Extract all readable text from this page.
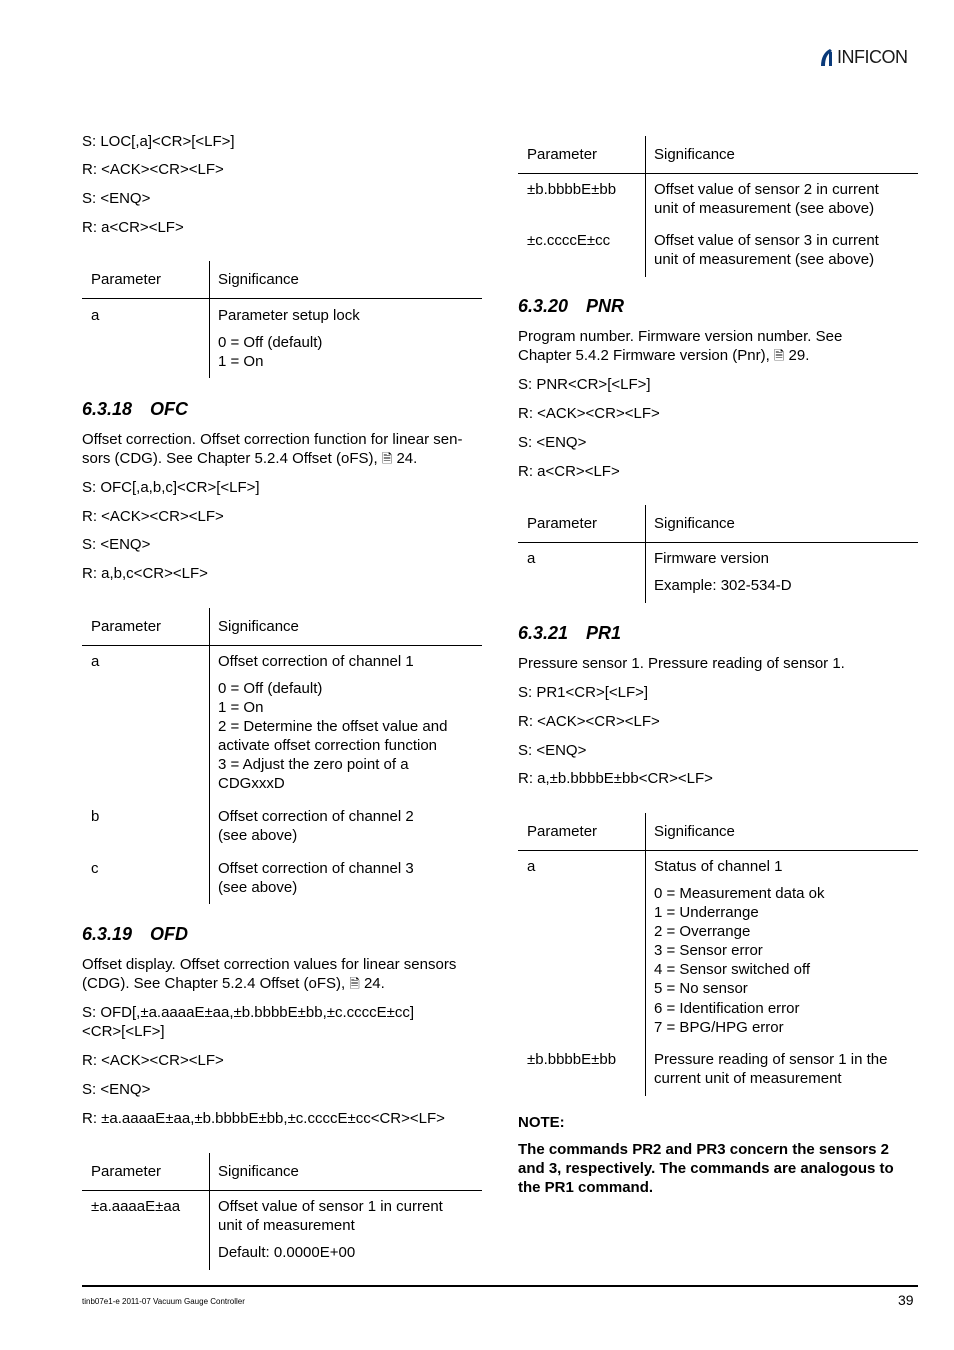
INFICON
S: LOC[,a]<CR>[<LF>]
R: <ACK><CR><LF>
S: <ENQ>
R: a<CR><LF>
Parameter	Significance
a	Parameter setup lock
0 = Off (default)
1 = On
6.3.18 OFC
Offset correction. Offset correction function for linear sen-
sors (CDG). See Chapter 5.2.4 Offset (oFS), 🗎 24.
S: OFC[,a,b,c]<CR>[<LF>]
R: <ACK><CR><LF>
S: <ENQ>
R: a,b,c<CR><LF>
Parameter	Significance
a	Offset correction of channel 1
0 = Off (default)
1 = On
2 = Determine the offset value and
activate offset correction function
3 = Adjust the zero point of a
CDGxxxD
b	Offset correction of channel 2
(see above)
c	Offset correction of channel 3
(see above)
6.3.19 OFD
Offset display. Offset correction values for linear sensors
(CDG). See Chapter 5.2.4 Offset (oFS), 🗎 24.
S: OFD[,±a.aaaaE±aa,±b.bbbbE±bb,±c.ccccE±cc]
<CR>[<LF>]
R: <ACK><CR><LF>
S: <ENQ>
R: ±a.aaaaE±aa,±b.bbbbE±bb,±c.ccccE±cc<CR><LF>
Parameter	Significance
±a.aaaaE±aa	Offset value of sensor 1 in current
unit of measurement
Default: 0.0000E+00
Parameter	Significance
±b.bbbbE±bb	Offset value of sensor 2 in current
unit of measurement (see above)
±c.ccccE±cc	Offset value of sensor 3 in current
unit of measurement (see above)
6.3.20 PNR
Program number. Firmware version number. See
Chapter 5.4.2 Firmware version (Pnr), 🗎 29.
S: PNR<CR>[<LF>]
R: <ACK><CR><LF>
S: <ENQ>
R: a<CR><LF>
Parameter	Significance
a	Firmware version
Example: 302-534-D
6.3.21 PR1
Pressure sensor 1. Pressure reading of sensor 1.
S: PR1<CR>[<LF>]
R: <ACK><CR><LF>
S: <ENQ>
R: a,±b.bbbbE±bb<CR><LF>
Parameter	Significance
a	Status of channel 1
0 = Measurement data ok
1 = Underrange
2 = Overrange
3 = Sensor error
4 = Sensor switched off
5 = No sensor
6 = Identification error
7 = BPG/HPG error
±b.bbbbE±bb	Pressure reading of sensor 1 in the
current unit of measurement
NOTE:
The commands PR2 and PR3 concern the sensors 2
and 3, respectively. The commands are analogous to
the PR1 command.
tinb07e1-e 2011-07 Vacuum Gauge Controller	39
